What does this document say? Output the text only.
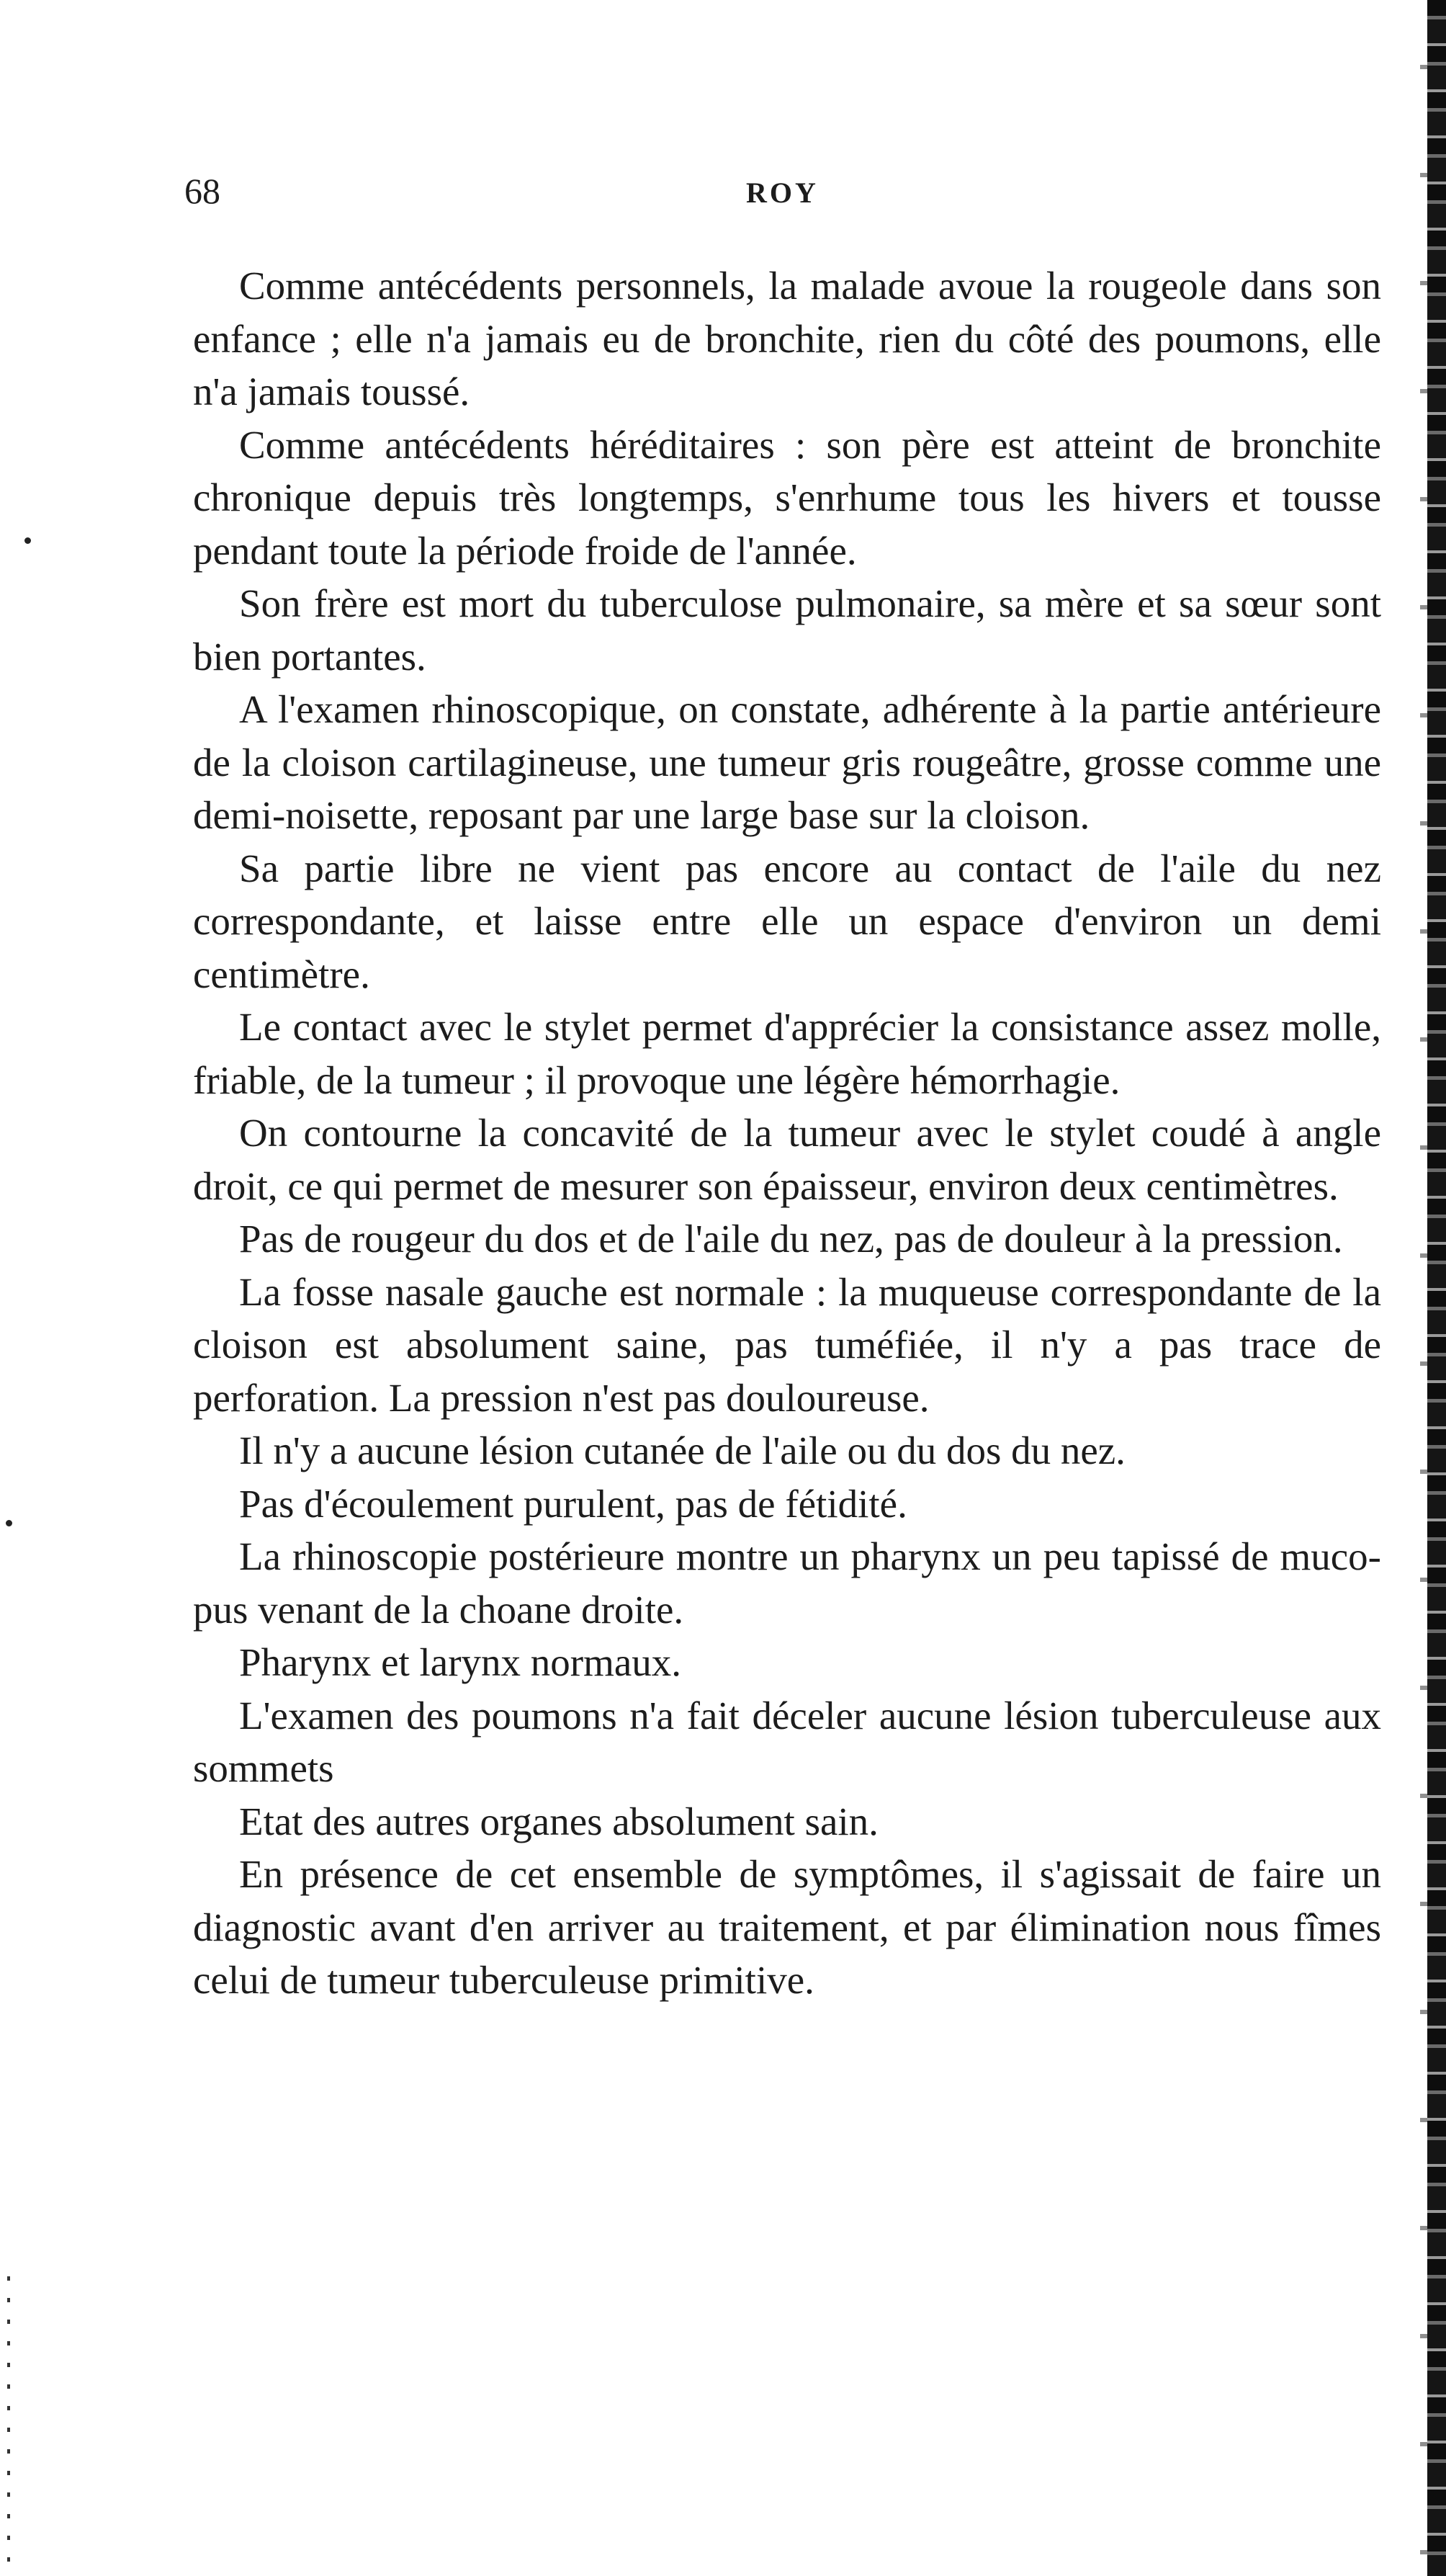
68	ROY

Comme antécédents personnels, la malade avoue la rougeole dans son enfance ; elle n'a jamais eu de bronchite, rien du côté des poumons, elle n'a jamais toussé.

Comme antécédents héréditaires : son père est atteint de bronchite chronique depuis très longtemps, s'enrhume tous les hivers et tousse pendant toute la période froide de l'année.

Son frère est mort du tuberculose pulmonaire, sa mère et sa sœur sont bien portantes.

A l'examen rhinoscopique, on constate, adhérente à la partie antérieure de la cloison cartilagineuse, une tumeur gris rougeâtre, grosse comme une demi-noisette, reposant par une large base sur la cloison.

Sa partie libre ne vient pas encore au contact de l'aile du nez correspondante, et laisse entre elle un espace d'environ un demi centimètre.

Le contact avec le stylet permet d'apprécier la consistance assez molle, friable, de la tumeur ; il provoque une légère hémorrhagie.

On contourne la concavité de la tumeur avec le stylet coudé à angle droit, ce qui permet de mesurer son épaisseur, environ deux centimètres.

Pas de rougeur du dos et de l'aile du nez, pas de douleur à la pression.

La fosse nasale gauche est normale : la muqueuse correspondante de la cloison est absolument saine, pas tuméfiée, il n'y a pas trace de perforation. La pression n'est pas douloureuse.

Il n'y a aucune lésion cutanée de l'aile ou du dos du nez.

Pas d'écoulement purulent, pas de fétidité.

La rhinoscopie postérieure montre un pharynx un peu tapissé de muco-pus venant de la choane droite.

Pharynx et larynx normaux.

L'examen des poumons n'a fait déceler aucune lésion tuberculeuse aux sommets

Etat des autres organes absolument sain.

En présence de cet ensemble de symptômes, il s'agissait de faire un diagnostic avant d'en arriver au traitement, et par élimination nous fîmes celui de tumeur tuberculeuse primitive.
